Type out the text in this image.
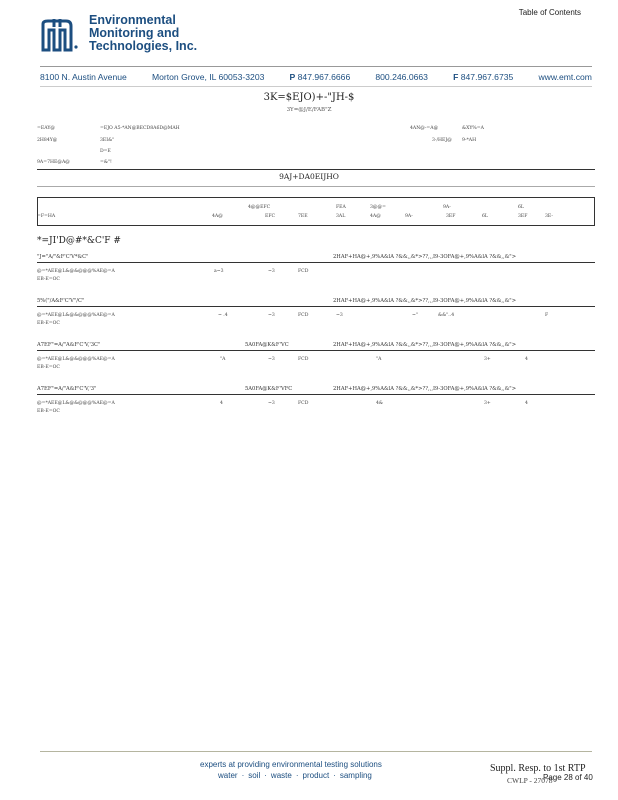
Table of Contents
Environmental
Monitoring and
Technologies, Inc.
8100 N. Austin Avenue	Morton Grove, IL 60053-3203	P 847.967.6666	800.246.0663	F 847.967.6735	www.emt.com
3K=$EJO)+-"JH-$
3Y=@J/E/FAB"Z
=EAY@	=EJO A5-*AN@BECD8A6D@MAH
2H84Y@	3EI&"
D=E
9A=7HE@A@	=&"!
4AN@-=A@	&XY%=A
3-/HEJ@ 9-*AH
9AJ+DA0EIJHO
4@@EFC	FEA	3@@=	9A-	6L
=F=HA	4A@	EFC	7EE	3AL	4A@	9A-	3EF	6L	3EF	3E-
*=JI'D@#*&C'F #
"J="A/"&F'C'V*&C"	2HAF+HA@+,9%A&lA ?&&,,&*>??,,,I9-3OFA@+,9%A&lA ?&&,,&">
@=*AEE@L&@&@@@%AE@=A
EB-E=OC
a~3	~3	FCD
5%("/A&F'C'V"/C"	2HAF+HA@+,9%A&lA ?&&,,&*>??,,,I9-3OFA@+,9%A&lA ?&&,,&">
@=*AEE@L&@&@@@%AE@=A
EB-E=OC
~ .4	~3	FCD	~3	~"	&&"..4	F
A7EF"=A/"A&F'C'V,'3C"	5A0FA@K&F'VC	2HAF+HA@+,9%A&lA ?&&,,&*>??,,,I9-3OFA@+,9%A&lA ?&&,,&">
@=*AEE@L&@&@@@%AE@=A
EB-E=OC
"A	~3	FCD	"A	3+	4
A7EF"=A/"A&F'C'V,'3"	5A0FA@K&F'VFC	2HAF+HA@+,9%A&lA ?&&,,&*>??,,,I9-3OFA@+,9%A&lA ?&&,,&">
@=*AEE@L&@&@@@%AE@=A
EB-E=OC
4	~3	FCD	4&	3+	4
experts at providing environmental testing solutions
water · soil · waste · product · sampling
Suppl. Resp. to 1st RTP
CWLP - 27078
Page 28 of 40
